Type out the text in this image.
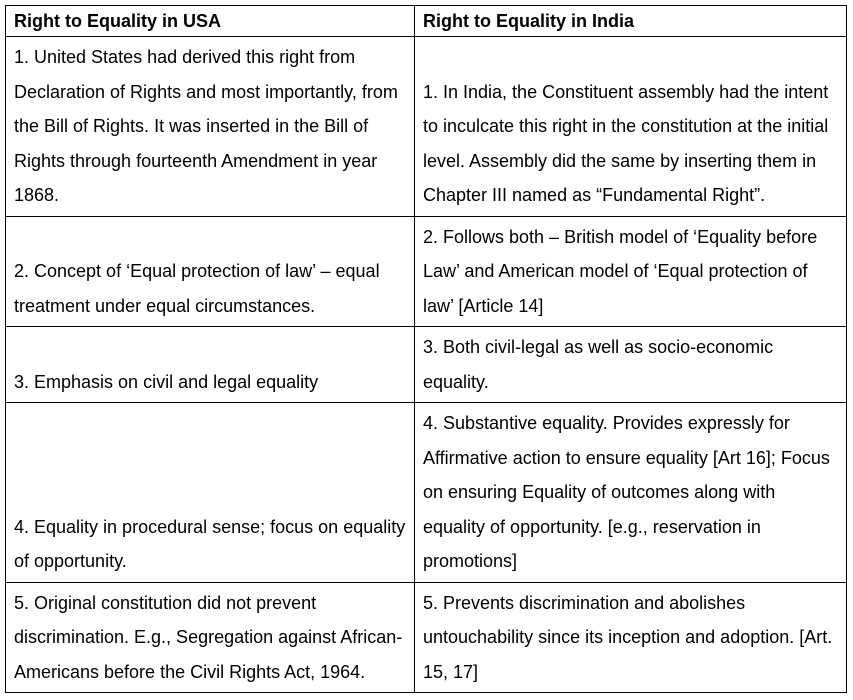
Right to Equality in USA	Right to Equality in India
1. United States had derived this right from Declaration of Rights and most importantly, from the Bill of Rights. It was inserted in the Bill of Rights through fourteenth Amendment in year 1868.	1. In India, the Constituent assembly had the intent to inculcate this right in the constitution at the initial level. Assembly did the same by inserting them in Chapter III named as “Fundamental Right”.
2. Concept of ‘Equal protection of law’ – equal treatment under equal circumstances.	2. Follows both – British model of ‘Equality before Law’ and American model of ‘Equal protection of law’ [Article 14]
3. Emphasis on civil and legal equality	3. Both civil-legal as well as socio-economic equality.
4. Equality in procedural sense; focus on equality of opportunity.	4. Substantive equality. Provides expressly for Affirmative action to ensure equality [Art 16]; Focus on ensuring Equality of outcomes along with equality of opportunity. [e.g., reservation in promotions]
5. Original constitution did not prevent discrimination. E.g., Segregation against African-Americans before the Civil Rights Act, 1964.	5. Prevents discrimination and abolishes untouchability since its inception and adoption. [Art. 15, 17]
